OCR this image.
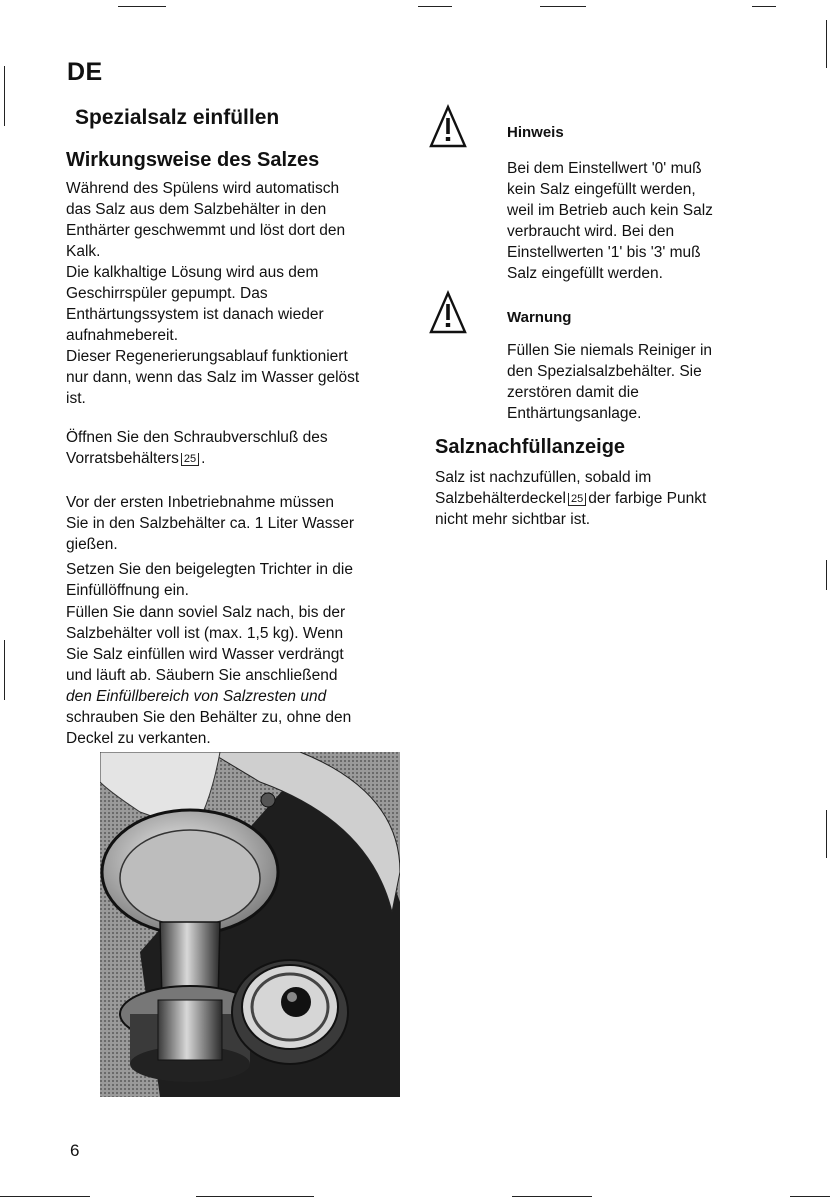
DE
Spezialsalz einfüllen
Wirkungsweise des Salzes
Während des Spülens wird automatisch
das Salz aus dem Salzbehälter in den
Enthärter geschwemmt und löst dort den
Kalk.
Die kalkhaltige Lösung wird aus dem
Geschirrspüler gepumpt. Das
Enthärtungssystem ist danach wieder
aufnahmebereit.
Dieser Regenerierungsablauf funktioniert
nur dann, wenn das Salz im Wasser gelöst
ist.
Öffnen Sie den Schraubverschluß des
Vorratsbehälters 25 .
Vor der ersten Inbetriebnahme müssen
Sie in den Salzbehälter ca. 1 Liter Wasser
gießen.
Setzen Sie den beigelegten Trichter in die
Einfüllöffnung ein.
Füllen Sie dann soviel Salz nach, bis der
Salzbehälter voll ist (max. 1,5 kg). Wenn
Sie Salz einfüllen wird Wasser verdrängt
und läuft ab. Säubern Sie anschließend
den Einfüllbereich von Salzresten und
schrauben Sie den Behälter zu, ohne den
Deckel zu verkanten.
Hinweis
Bei dem Einstellwert '0' muß
kein Salz eingefüllt werden,
weil im Betrieb auch kein Salz
verbraucht wird. Bei den
Einstellwerten '1' bis '3' muß
Salz eingefüllt werden.
Warnung
Füllen Sie niemals Reiniger in
den Spezialsalzbehälter. Sie
zerstören damit die
Enthärtungsanlage.
Salznachfüllanzeige
Salz ist nachzufüllen, sobald im
Salzbehälterdeckel 25 der farbige Punkt
nicht mehr sichtbar ist.
6
